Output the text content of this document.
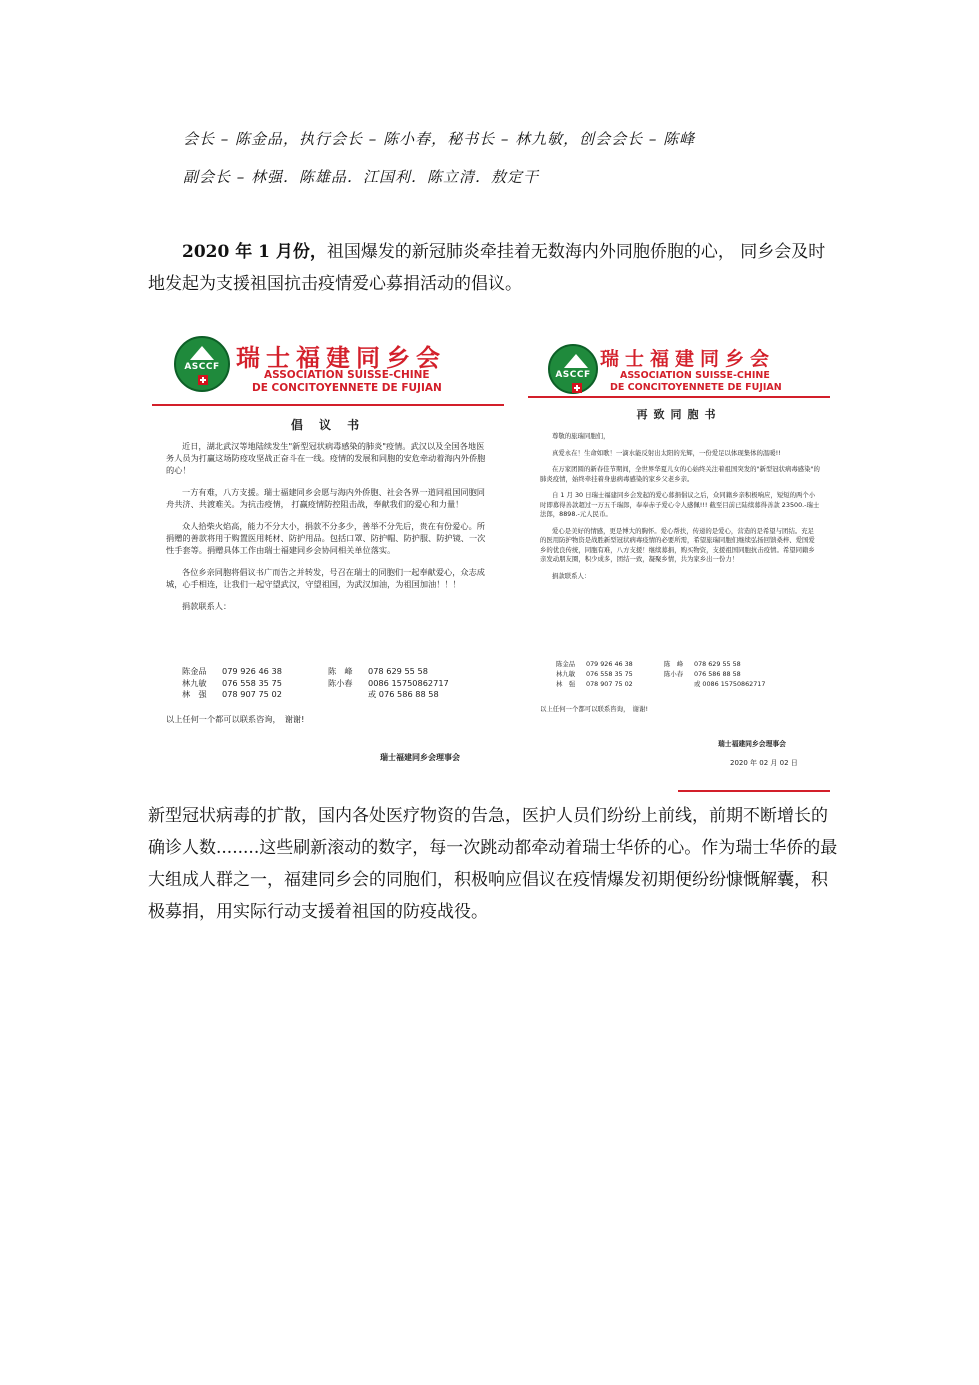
会长 – 陈金品，执行会长 – 陈小春，秘书长 – 林九敏，创会会长 – 陈峰
副会长 – 林强．陈雄品．江国利．陈立清．敖定干
2020 年 1 月份，祖国爆发的新冠肺炎牵挂着无数海内外同胞侨胞的心， 同乡会及时地发起为支援祖国抗击疫情爱心募捐活动的倡议。
ASCCF 瑞士福建同乡会
ASSOCIATION SUISSE-CHINE
DE CONCITOYENNETE DE FUJIAN
倡 议 书

近日，湖北武汉等地陆续发生"新型冠状病毒感染的肺炎"疫情。武汉以及全国各地医务人员为打赢这场防疫攻坚战正奋斗在一线。疫情的发展和同胞的安危牵动着海内外侨胞的心！

一方有难，八方支援。瑞士福建同乡会愿与海内外侨胞、社会各界一道同祖国同胞同舟共济、共渡难关。为抗击疫情， 打赢疫情防控阻击战，奉献我们的爱心和力量！

众人拾柴火焰高，能力不分大小，捐款不分多少，善举不分先后，贵在有份爱心。所捐赠的善款将用于购置医用耗材、防护用品。包括口罩、防护帽、防护服、防护镜、一次性手套等。捐赠具体工作由瑞士福建同乡会协同相关单位落实。

各位乡亲同胞将倡议书广而告之并转发，号召在瑞士的同胞们一起奉献爱心，众志成城，心手相连，让我们一起守望武汉，守望祖国，为武汉加油，为祖国加油！！！

捐款联系人：

陈金品 079 926 46 38	陈　峰 078 629 55 58
林九敏 076 558 35 75	陈小春 0086 15750862717
林　强 078 907 75 02	或 076 586 88 58
以上任何一个都可以联系咨询，　谢谢!
瑞士福建同乡会理事会
ASCCF
瑞士福建同乡会
ASSOCIATION SUISSE-CHINE
DE CONCITOYENNETE DE FUJIAN
再致同胞书

尊敬的旅瑞同胞们，

真爱永在！生命如歌！一滴水能反射出太阳的光辉，一份爱足以体现集体的温暖!!

在万家团圆的新春佳节期间，全世界华夏儿女的心始终关注着祖国突发的"新型冠状病毒感染"的肺炎疫情，始终牵挂着身患病毒感染的家乡父老乡亲。

自 1 月 30 日瑞士福建同乡会发起的爱心募捐倡议之后，众同籍乡亲积极响应，短短的两个小时即募得善款超过一万五千瑞郎，奉奉赤子爱心令人感佩!!! 截至目前已陆续募得善款 23500.-瑞士法郎，8898.-元人民币。

爱心是美好的情感，更是博大的胸怀。爱心帮扶，传递的是爱心，营造的是希望与团结。充足的医用防护物资是战胜新型冠状病毒疫情的必要所需，希望旅瑞同胞们继续弘扬回馈桑梓、爱国爱乡的优良传统，同胞有难，八方支援！继续募捐，购买物资，支援祖国同胞抗击疫情。希望同籍乡亲发动朋友圈，积少成多，团结一致，凝聚乡情，共为家乡出一份力！

捐款联系人：

陈金品 079 926 46 38	陈　峰 078 629 55 58
林九敏 076 558 35 75	陈小春 076 586 88 58
林　强 078 907 75 02	或 0086 15750862717
以上任何一个都可以联系咨询，　谢谢!
瑞士福建同乡会理事会
2020 年 02 月 02 日
新型冠状病毒的扩散，国内各处医疗物资的告急，医护人员们纷纷上前线，前期不断增长的确诊人数........这些刷新滚动的数字，每一次跳动都牵动着瑞士华侨的心。作为瑞士华侨的最大组成人群之一，福建同乡会的同胞们，积极响应倡议在疫情爆发初期便纷纷慷慨解囊，积极募捐，用实际行动支援着祖国的防疫战役。
